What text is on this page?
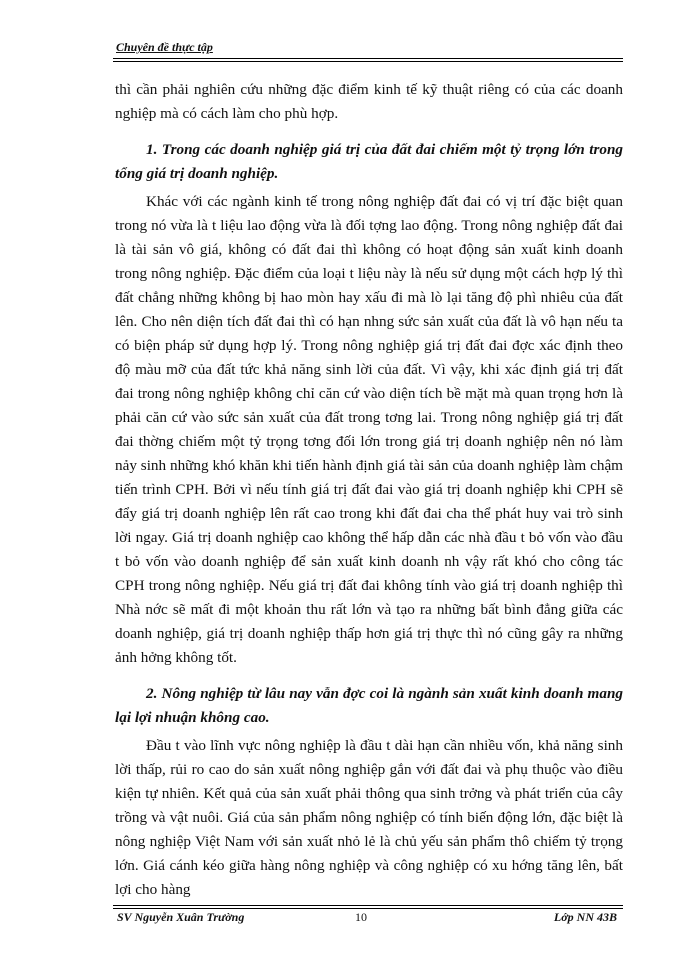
Chuyên đề thực tập

thì cần phải nghiên cứu những đặc điểm kinh tế kỹ thuật riêng có của các doanh nghiệp mà có cách làm cho phù hợp.

1. Trong các doanh nghiệp giá trị của đất đai chiếm một tỷ trọng lớn trong tổng giá trị doanh nghiệp.

Khác với các ngành kinh tế trong nông nghiệp đất đai có vị trí đặc biệt quan trong nó vừa là t liệu lao động vừa là đối tợng lao động. Trong nông nghiệp đất đai là tài sản vô giá, không có đất đai thì không có hoạt động sản xuất kinh doanh trong nông nghiệp. Đặc điểm của loại t liệu này là nếu sử dụng một cách hợp lý thì đất chẳng những không bị hao mòn hay xấu đi mà lò lại tăng độ phì nhiêu của đất lên. Cho nên diện tích đất đai thì có hạn nhng sức sản xuất của đất là vô hạn nếu ta có biện pháp sử dụng hợp lý. Trong nông nghiệp giá trị đất đai đợc xác định theo độ màu mỡ của đất tức khả năng sinh lời của đất. Vì vậy, khi xác định giá trị đất đai trong nông nghiệp không chỉ căn cứ vào diện tích bề mặt mà quan trọng hơn là phải căn cứ vào sức sản xuất của đất trong tơng lai. Trong nông nghiệp giá trị đất đai thờng chiếm một tỷ trọng tơng đối lớn trong giá trị doanh nghiệp nên nó làm nảy sinh những khó khăn khi tiến hành định giá tài sản của doanh nghiệp làm chậm tiến trình CPH. Bởi vì nếu tính giá trị đất đai vào giá trị doanh nghiệp khi CPH sẽ đẩy giá trị doanh nghiệp lên rất cao trong khi đất đai cha thể phát huy vai trò sinh lời ngay. Giá trị doanh nghiệp cao không thể hấp dẫn các nhà đầu t bỏ vốn vào đầu t bỏ vốn vào doanh nghiệp để sản xuất kinh doanh nh vậy rất khó cho công tác CPH trong nông nghiệp. Nếu giá trị đất đai không tính vào giá trị doanh nghiệp thì Nhà nớc sẽ mất đi một khoản thu rất lớn và tạo ra những bất bình đẳng giữa các doanh nghiệp, giá trị doanh nghiệp thấp hơn giá trị thực thì nó cũng gây ra những ảnh hởng không tốt.

2. Nông nghiệp từ lâu nay vẫn đợc coi là ngành sản xuất kinh doanh mang lại lợi nhuận không cao.

Đầu t vào lĩnh vực nông nghiệp là đầu t dài hạn cần nhiều vốn, khả năng sinh lời thấp, rủi ro cao do sản xuất nông nghiệp gắn với đất đai và phụ thuộc vào điều kiện tự nhiên. Kết quả của sản xuất phải thông qua sinh trởng và phát triển của cây trồng và vật nuôi. Giá của sản phẩm nông nghiệp có tính biến động lớn, đặc biệt là nông nghiệp Việt Nam với sản xuất nhỏ lẻ là chủ yếu sản phẩm thô chiếm tỷ trọng lớn. Giá cánh kéo giữa hàng nông nghiệp và công nghiệp có xu hớng tăng lên, bất lợi cho hàng

SV Nguyễn Xuân Trường	10	Lớp NN 43B
